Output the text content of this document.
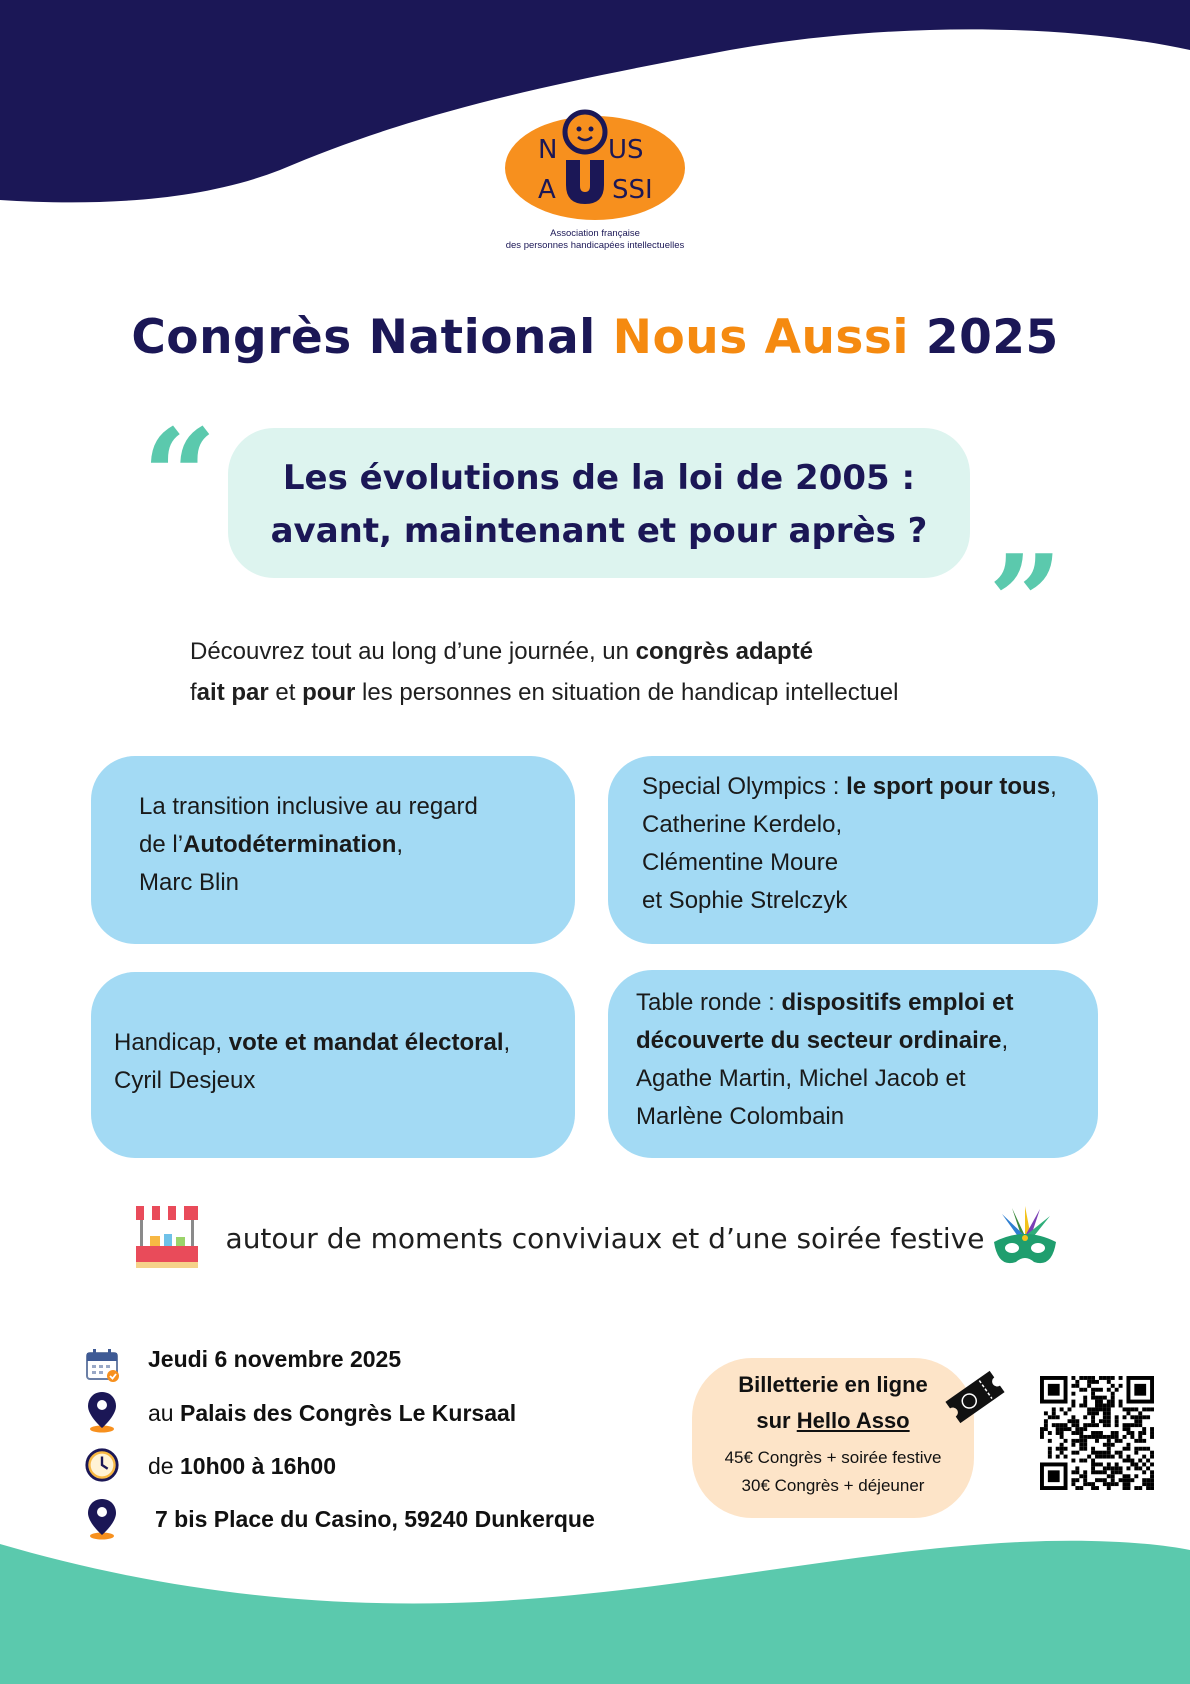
N US
A SSI
Association française
des personnes handicapées intellectuelles
Congrès National Nous Aussi 2025
“	Les évolutions de la loi de 2005 :
avant, maintenant et pour après ? ”
Découvrez tout au long d’une journée, un congrès adapté
fait par et pour les personnes en situation de handicap intellectuel
La transition inclusive au regard
de l’Autodétermination,
Marc Blin
Special Olympics : le sport pour tous,
Catherine Kerdelo,
Clémentine Moure
et Sophie Strelczyk
Handicap, vote et mandat électoral,
Cyril Desjeux
Table ronde : dispositifs emploi et
découverte du secteur ordinaire,
Agathe Martin, Michel Jacob et
Marlène Colombain
autour de moments conviviaux et d’une soirée festive
Jeudi 6 novembre 2025
au Palais des Congrès Le Kursaal
de 10h00 à 16h00
7 bis Place du Casino, 59240 Dunkerque
Billetterie en ligne
sur Hello Asso
45€ Congrès + soirée festive
30€ Congrès + déjeuner
